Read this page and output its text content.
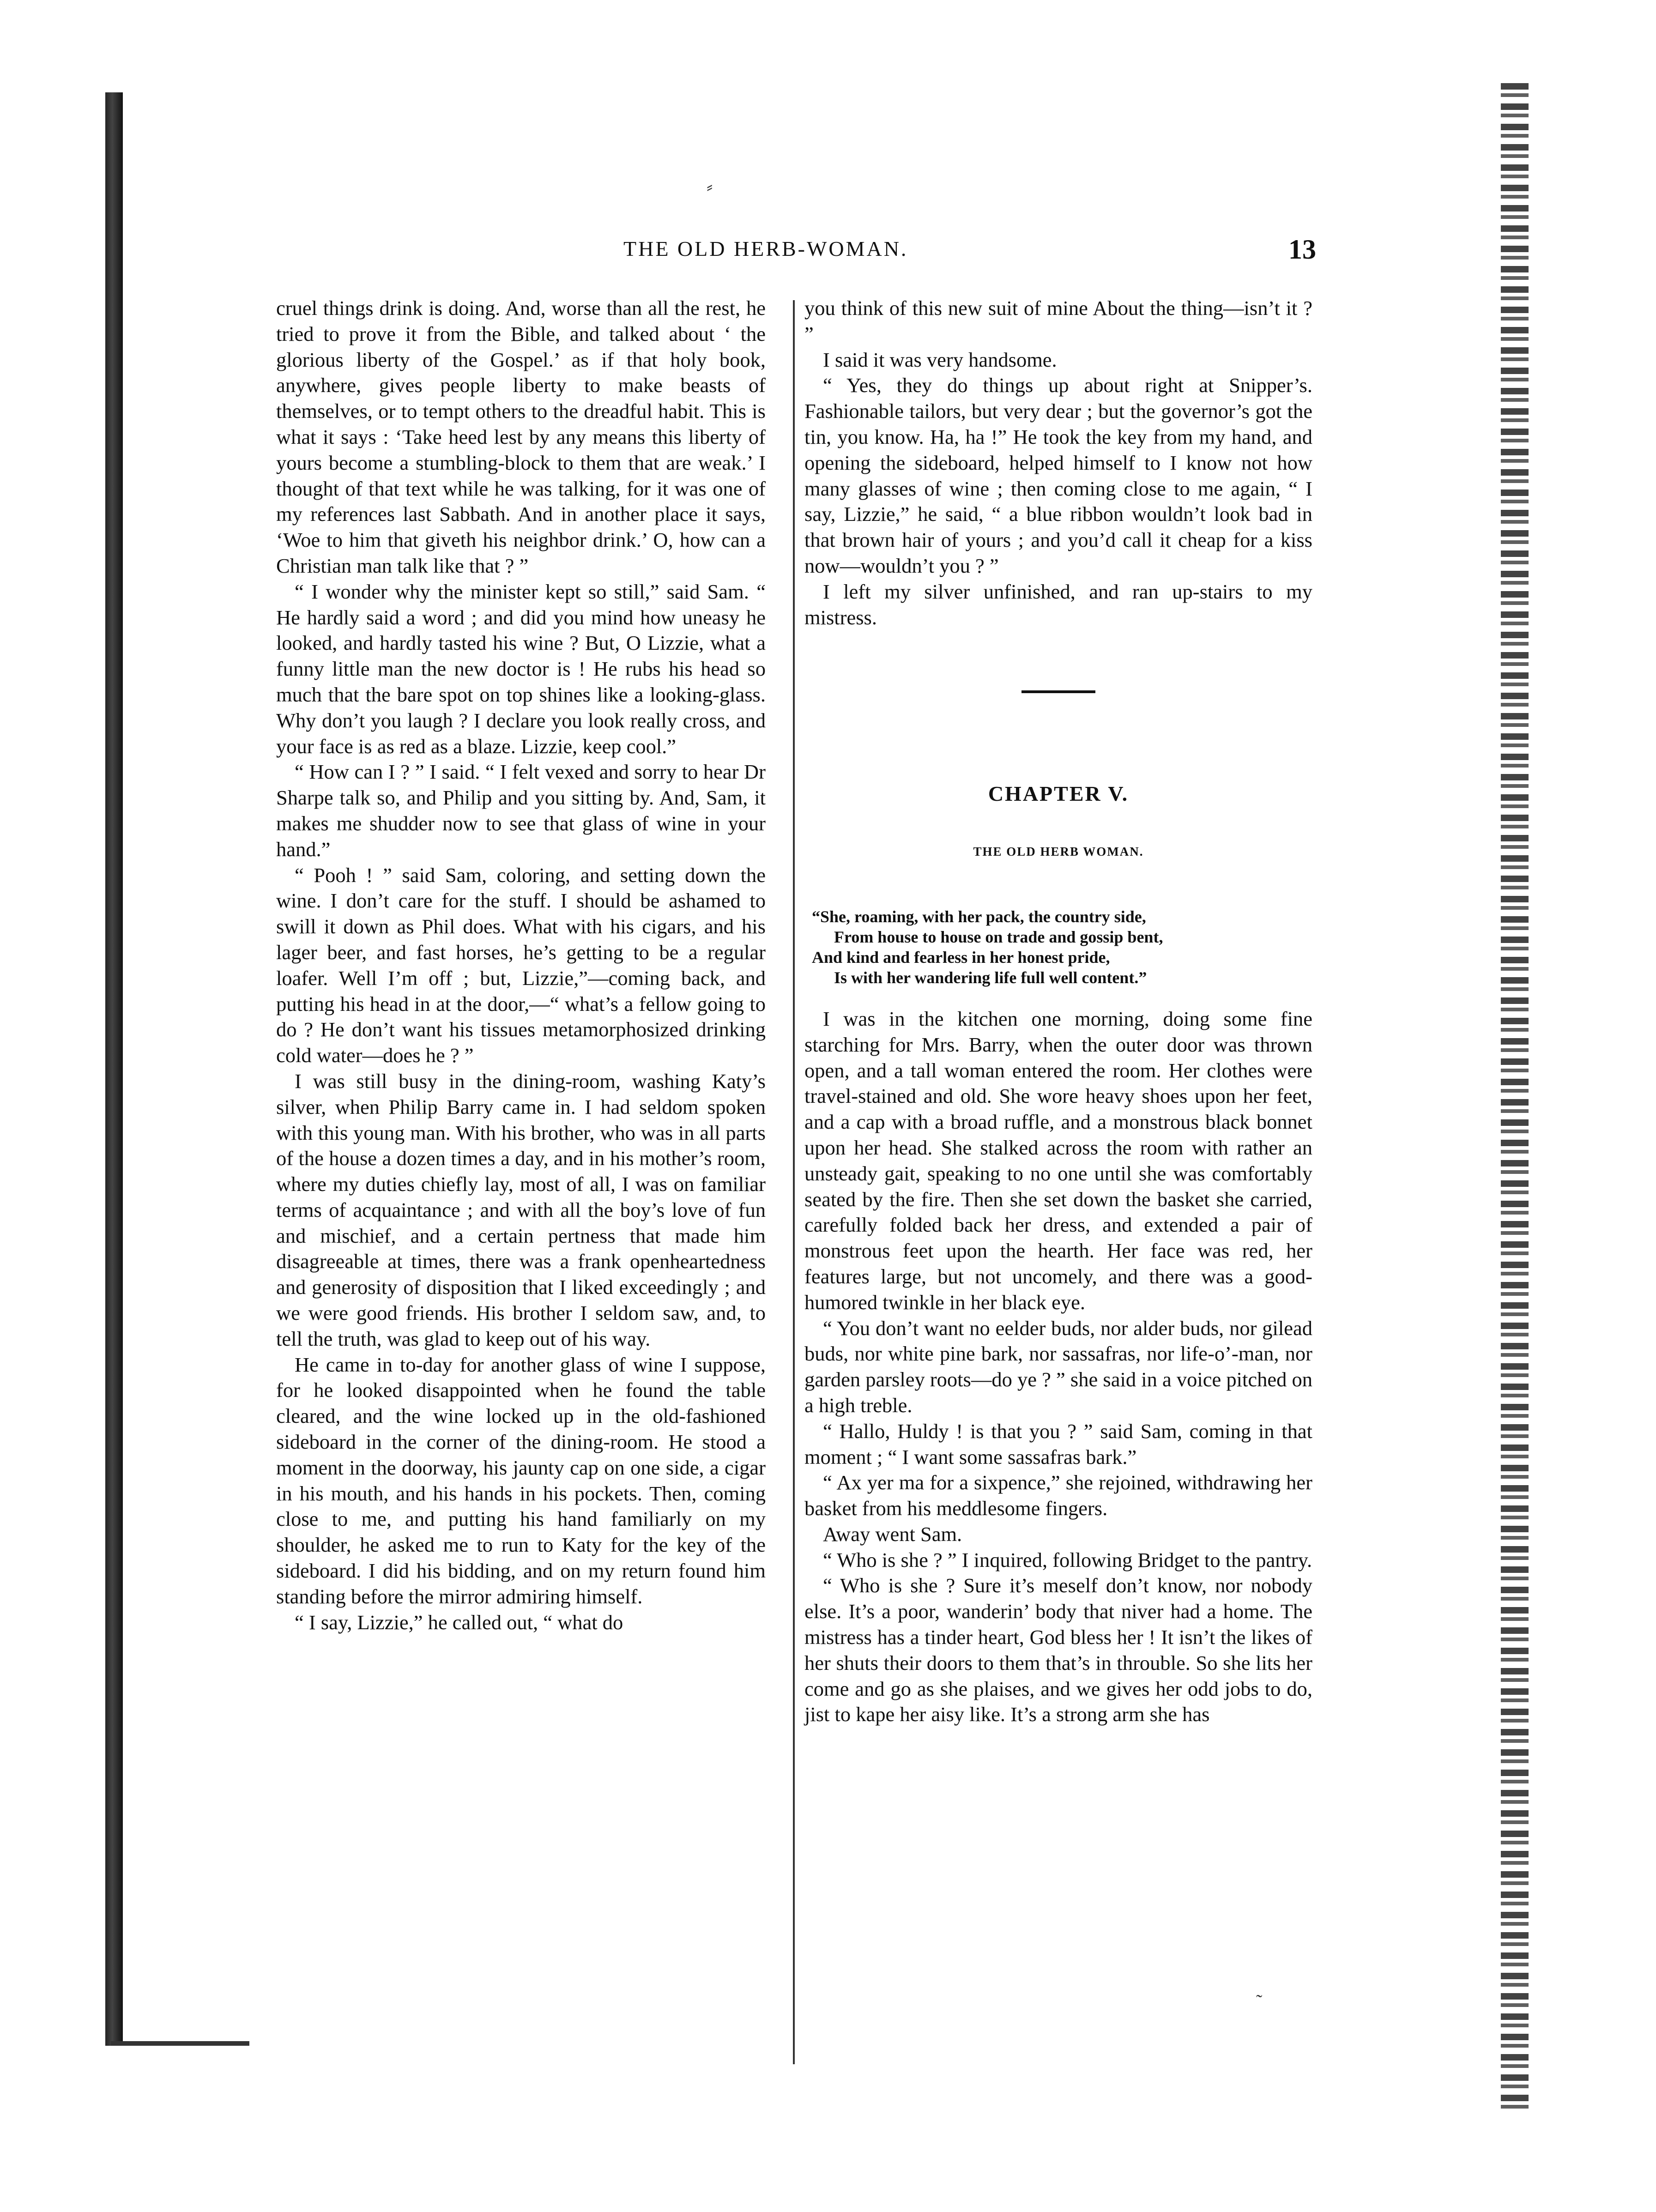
⸗
˜
THE OLD HERB-WOMAN.	13

cruel things drink is doing. And, worse than all the rest, he tried to prove it from the Bible, and talked about ‘ the glorious liberty of the Gospel.’ as if that holy book, anywhere, gives people liberty to make beasts of themselves, or to tempt others to the dreadful habit. This is what it says : ‘Take heed lest by any means this liberty of yours become a stumbling-block to them that are weak.’ I thought of that text while he was talking, for it was one of my references last Sabbath. And in another place it says, ‘Woe to him that giveth his neighbor drink.’ O, how can a Christian man talk like that ? ”

“ I wonder why the minister kept so still,” said Sam. “ He hardly said a word ; and did you mind how uneasy he looked, and hardly tasted his wine ? But, O Lizzie, what a funny little man the new doctor is ! He rubs his head so much that the bare spot on top shines like a looking-glass. Why don’t you laugh ? I declare you look really cross, and your face is as red as a blaze. Lizzie, keep cool.”

“ How can I ? ” I said. “ I felt vexed and sorry to hear Dr Sharpe talk so, and Philip and you sitting by. And, Sam, it makes me shudder now to see that glass of wine in your hand.”

“ Pooh ! ” said Sam, coloring, and setting down the wine. I don’t care for the stuff. I should be ashamed to swill it down as Phil does. What with his cigars, and his lager beer, and fast horses, he’s getting to be a regular loafer. Well I’m off ; but, Lizzie,”—coming back, and putting his head in at the door,—“ what’s a fellow going to do ? He don’t want his tissues metamorphosized drinking cold water—does he ? ”

I was still busy in the dining-room, washing Katy’s silver, when Philip Barry came in. I had seldom spoken with this young man. With his brother, who was in all parts of the house a dozen times a day, and in his mother’s room, where my duties chiefly lay, most of all, I was on familiar terms of acquaintance ; and with all the boy’s love of fun and mischief, and a certain pertness that made him disagreeable at times, there was a frank openheartedness and generosity of disposition that I liked exceedingly ; and we were good friends. His brother I seldom saw, and, to tell the truth, was glad to keep out of his way.

He came in to-day for another glass of wine I suppose, for he looked disappointed when he found the table cleared, and the wine locked up in the old-fashioned sideboard in the corner of the dining-room. He stood a moment in the doorway, his jaunty cap on one side, a cigar in his mouth, and his hands in his pockets. Then, coming close to me, and putting his hand familiarly on my shoulder, he asked me to run to Katy for the key of the sideboard. I did his bidding, and on my return found him standing before the mirror admiring himself.

“ I say, Lizzie,” he called out, “ what do

you think of this new suit of mine About the thing—isn’t it ? ”

I said it was very handsome.

“ Yes, they do things up about right at Snipper’s. Fashionable tailors, but very dear ; but the governor’s got the tin, you know. Ha, ha !” He took the key from my hand, and opening the sideboard, helped himself to I know not how many glasses of wine ; then coming close to me again, “ I say, Lizzie,” he said, “ a blue ribbon wouldn’t look bad in that brown hair of yours ; and you’d call it cheap for a kiss now—wouldn’t you ? ”

I left my silver unfinished, and ran up-stairs to my mistress.

CHAPTER V.
THE OLD HERB WOMAN.
“She, roaming, with her pack, the country side,
From house to house on trade and gossip bent,
And kind and fearless in her honest pride,
Is with her wandering life full well content.”

I was in the kitchen one morning, doing some fine starching for Mrs. Barry, when the outer door was thrown open, and a tall woman entered the room. Her clothes were travel-stained and old. She wore heavy shoes upon her feet, and a cap with a broad ruffle, and a monstrous black bonnet upon her head. She stalked across the room with rather an unsteady gait, speaking to no one until she was comfortably seated by the fire. Then she set down the basket she carried, carefully folded back her dress, and extended a pair of monstrous feet upon the hearth. Her face was red, her features large, but not uncomely, and there was a good-humored twinkle in her black eye.

“ You don’t want no eelder buds, nor alder buds, nor gilead buds, nor white pine bark, nor sassafras, nor life-o’-man, nor garden parsley roots—do ye ? ” she said in a voice pitched on a high treble.

“ Hallo, Huldy ! is that you ? ” said Sam, coming in that moment ; “ I want some sassafras bark.”

“ Ax yer ma for a sixpence,” she rejoined, withdrawing her basket from his meddlesome fingers.

Away went Sam.

“ Who is she ? ” I inquired, following Bridget to the pantry.

“ Who is she ? Sure it’s meself don’t know, nor nobody else. It’s a poor, wanderin’ body that niver had a home. The mistress has a tinder heart, God bless her ! It isn’t the likes of her shuts their doors to them that’s in throuble. So she lits her come and go as she plaises, and we gives her odd jobs to do, jist to kape her aisy like. It’s a strong arm she has
